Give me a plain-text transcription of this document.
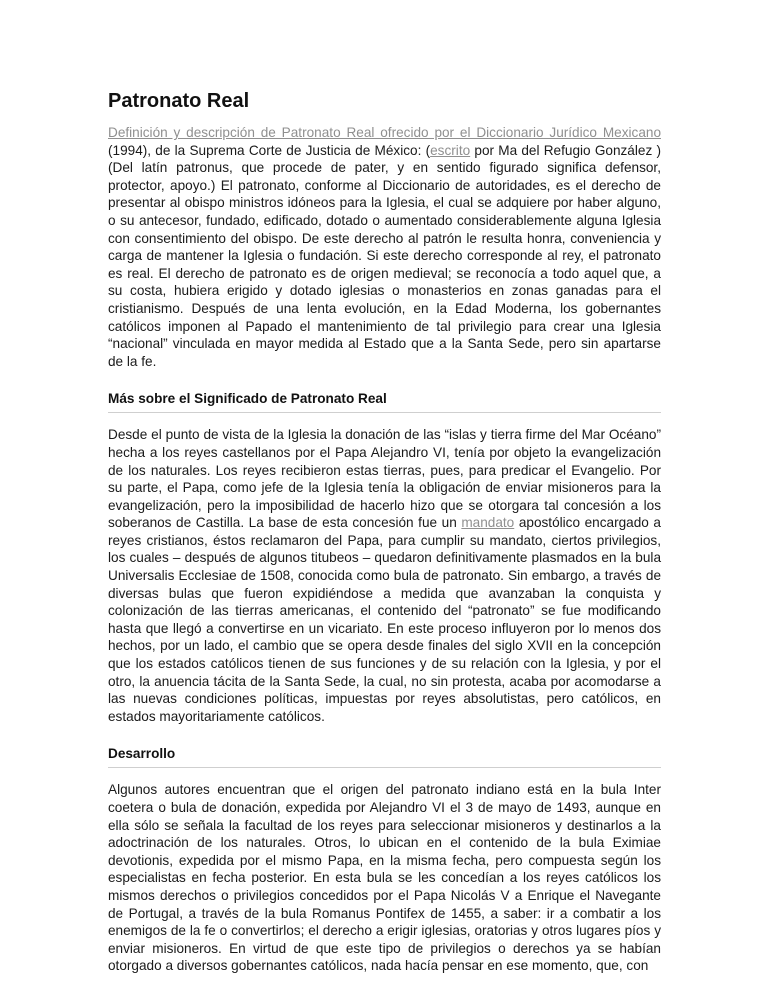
Patronato Real

Definición y descripción de Patronato Real ofrecido por el Diccionario Jurídico Mexicano (1994), de la Suprema Corte de Justicia de México: (escrito por Ma del Refugio González ) (Del latín patronus, que procede de pater, y en sentido figurado significa defensor, protector, apoyo.) El patronato, conforme al Diccionario de autoridades, es el derecho de presentar al obispo ministros idóneos para la Iglesia, el cual se adquiere por haber alguno, o su antecesor, fundado, edificado, dotado o aumentado considerablemente alguna Iglesia con consentimiento del obispo. De este derecho al patrón le resulta honra, conveniencia y carga de mantener la Iglesia o fundación. Si este derecho corresponde al rey, el patronato es real. El derecho de patronato es de origen medieval; se reconocía a todo aquel que, a su costa, hubiera erigido y dotado iglesias o monasterios en zonas ganadas para el cristianismo. Después de una lenta evolución, en la Edad Moderna, los gobernantes católicos imponen al Papado el mantenimiento de tal privilegio para crear una Iglesia “nacional” vinculada en mayor medida al Estado que a la Santa Sede, pero sin apartarse de la fe.

Más sobre el Significado de Patronato Real

Desde el punto de vista de la Iglesia la donación de las “islas y tierra firme del Mar Océano” hecha a los reyes castellanos por el Papa Alejandro VI, tenía por objeto la evangelización de los naturales. Los reyes recibieron estas tierras, pues, para predicar el Evangelio. Por su parte, el Papa, como jefe de la Iglesia tenía la obligación de enviar misioneros para la evangelización, pero la imposibilidad de hacerlo hizo que se otorgara tal concesión a los soberanos de Castilla. La base de esta concesión fue un mandato apostólico encargado a reyes cristianos, éstos reclamaron del Papa, para cumplir su mandato, ciertos privilegios, los cuales – después de algunos titubeos – quedaron definitivamente plasmados en la bula Universalis Ecclesiae de 1508, conocida como bula de patronato. Sin embargo, a través de diversas bulas que fueron expidiéndose a medida que avanzaban la conquista y colonización de las tierras americanas, el contenido del “patronato” se fue modificando hasta que llegó a convertirse en un vicariato. En este proceso influyeron por lo menos dos hechos, por un lado, el cambio que se opera desde finales del siglo XVII en la concepción que los estados católicos tienen de sus funciones y de su relación con la Iglesia, y por el otro, la anuencia tácita de la Santa Sede, la cual, no sin protesta, acaba por acomodarse a las nuevas condiciones políticas, impuestas por reyes absolutistas, pero católicos, en estados mayoritariamente católicos.

Desarrollo

Algunos autores encuentran que el origen del patronato indiano está en la bula Inter coetera o bula de donación, expedida por Alejandro VI el 3 de mayo de 1493, aunque en ella sólo se señala la facultad de los reyes para seleccionar misioneros y destinarlos a la adoctrinación de los naturales. Otros, lo ubican en el contenido de la bula Eximiae devotionis, expedida por el mismo Papa, en la misma fecha, pero compuesta según los especialistas en fecha posterior. En esta bula se les concedían a los reyes católicos los mismos derechos o privilegios concedidos por el Papa Nicolás V a Enrique el Navegante de Portugal, a través de la bula Romanus Pontifex de 1455, a saber: ir a combatir a los enemigos de la fe o convertirlos; el derecho a erigir iglesias, oratorias y otros lugares píos y enviar misioneros. En virtud de que este tipo de privilegios o derechos ya se habían otorgado a diversos gobernantes católicos, nada hacía pensar en ese momento, que, con
